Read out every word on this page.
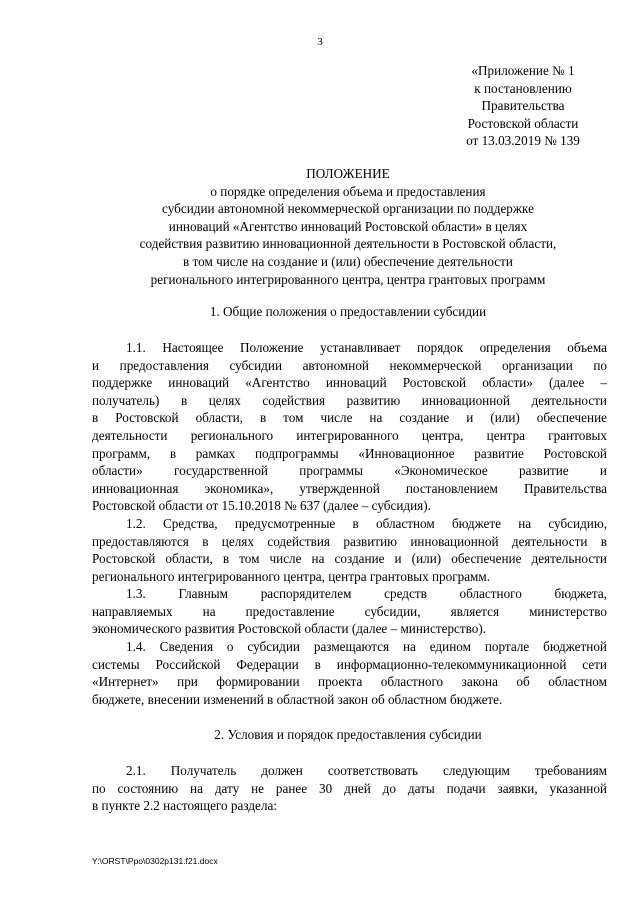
3
«Приложение № 1
к постановлению
Правительства
Ростовской области
от 13.03.2019 № 139
ПОЛОЖЕНИЕ
о порядке определения объема и предоставления
субсидии автономной некоммерческой организации по поддержке
инноваций «Агентство инноваций Ростовской области» в целях
содействия развитию инновационной деятельности в Ростовской области,
в том числе на создание и (или) обеспечение деятельности
регионального интегрированного центра, центра грантовых программ
1. Общие положения о предоставлении субсидии
1.1. Настоящее Положение устанавливает порядок определения объема
и предоставления субсидии автономной некоммерческой организации по
поддержке инноваций «Агентство инноваций Ростовской области» (далее –
получатель) в целях содействия развитию инновационной деятельности
в Ростовской области, в том числе на создание и (или) обеспечение
деятельности регионального интегрированного центра, центра грантовых
программ, в рамках подпрограммы «Инновационное развитие Ростовской
области» государственной программы «Экономическое развитие и
инновационная экономика», утвержденной постановлением Правительства
Ростовской области от 15.10.2018 № 637 (далее – субсидия).
1.2. Средства, предусмотренные в областном бюджете на субсидию,
предоставляются в целях содействия развитию инновационной деятельности в
Ростовской области, в том числе на создание и (или) обеспечение деятельности
регионального интегрированного центра, центра грантовых программ.
1.3. Главным распорядителем средств областного бюджета,
направляемых на предоставление субсидии, является министерство
экономического развития Ростовской области (далее – министерство).
1.4. Сведения о субсидии размещаются на едином портале бюджетной
системы Российской Федерации в информационно-телекоммуникационной сети
«Интернет» при формировании проекта областного закона об областном
бюджете, внесении изменений в областной закон об областном бюджете.
2. Условия и порядок предоставления субсидии
2.1. Получатель должен соответствовать следующим требованиям
по состоянию на дату не ранее 30 дней до даты подачи заявки, указанной
в пункте 2.2 настоящего раздела:
Y:\ORST\Ppo\0302p131.f21.docx
